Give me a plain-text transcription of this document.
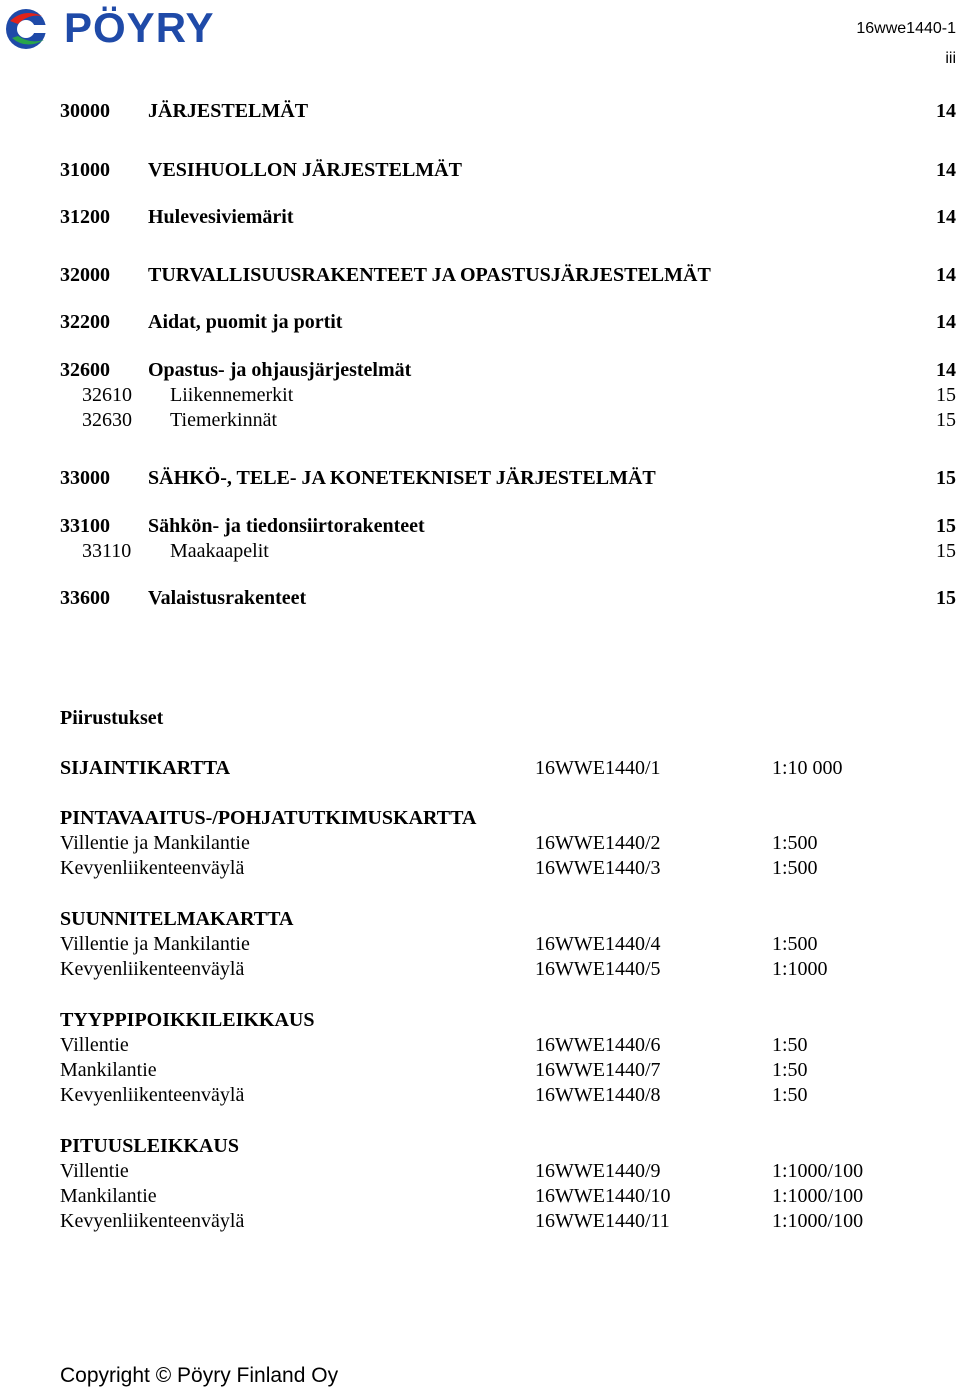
PÖYRY	16wwe1440-1
iii
30000 JÄRJESTELMÄT	14
31000 VESIHUOLLON JÄRJESTELMÄT	14
31200 Hulevesiviemärit	14
32000 TURVALLISUUSRAKENTEET JA OPASTUSJÄRJESTELMÄT	14
32200 Aidat, puomit ja portit	14
32600 Opastus- ja ohjausjärjestelmät	14
32610 Liikennemerkit	15
32630 Tiemerkinnät	15
33000 SÄHKÖ-, TELE- JA KONETEKNISET JÄRJESTELMÄT	15
33100 Sähkön- ja tiedonsiirtorakenteet	15
33110 Maakaapelit	15
33600 Valaistusrakenteet	15
Piirustukset
SIJAINTIKARTTA	16WWE1440/1	1:10 000
PINTAVAAITUS-/POHJATUTKIMUSKARTTA
Villentie ja Mankilantie	16WWE1440/2	1:500
Kevyenliikenteenväylä	16WWE1440/3	1:500
SUUNNITELMAKARTTA
Villentie ja Mankilantie	16WWE1440/4	1:500
Kevyenliikenteenväylä	16WWE1440/5	1:1000
TYYPPIPOIKKILEIKKAUS
Villentie	16WWE1440/6	1:50
Mankilantie	16WWE1440/7	1:50
Kevyenliikenteenväylä	16WWE1440/8	1:50
PITUUSLEIKKAUS
Villentie	16WWE1440/9	1:1000/100
Mankilantie	16WWE1440/10	1:1000/100
Kevyenliikenteenväylä	16WWE1440/11	1:1000/100
Copyright © Pöyry Finland Oy
